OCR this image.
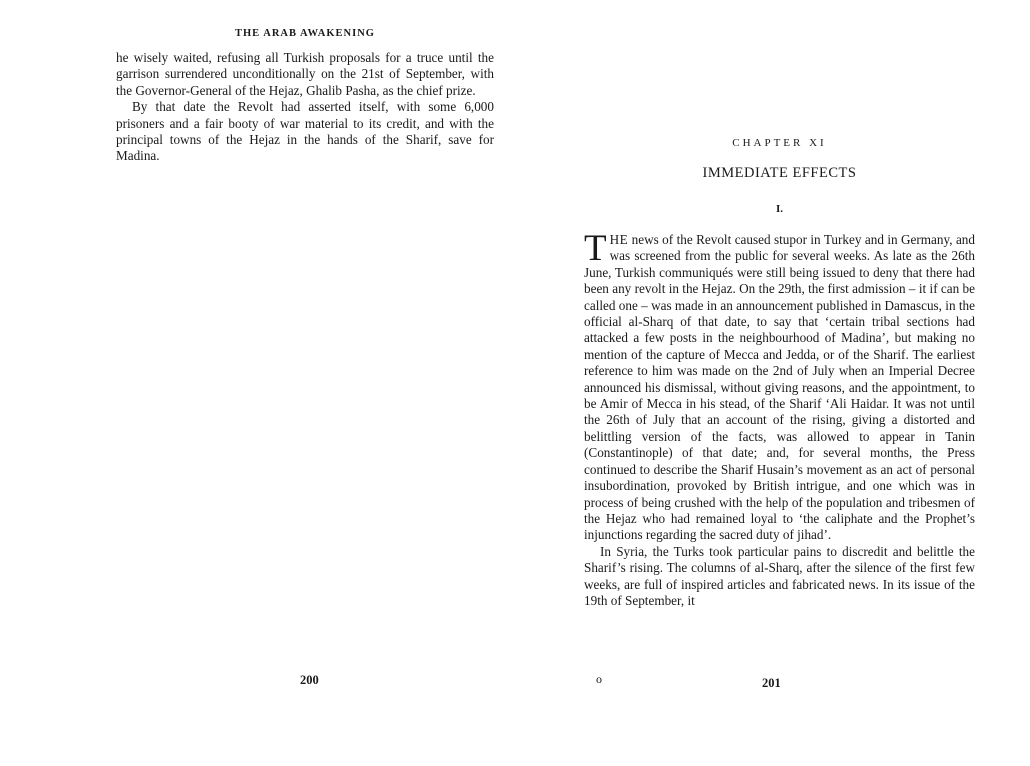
THE ARAB AWAKENING

he wisely waited, refusing all Turkish proposals for a truce until the garrison surrendered unconditionally on the 21st of September, with the Governor-General of the Hejaz, Ghalib Pasha, as the chief prize.

By that date the Revolt had asserted itself, with some 6,000 prisoners and a fair booty of war material to its credit, and with the principal towns of the Hejaz in the hands of the Sharif, save for Madina.

200
CHAPTER XI
IMMEDIATE EFFECTS
I.

THE news of the Revolt caused stupor in Turkey and in Germany, and was screened from the public for several weeks. As late as the 26th June, Turkish communiqués were still being issued to deny that there had been any revolt in the Hejaz. On the 29th, the first admission – it if can be called one – was made in an announcement published in Damascus, in the official al-Sharq of that date, to say that ‘certain tribal sections had attacked a few posts in the neighbourhood of Madina’, but making no mention of the capture of Mecca and Jedda, or of the Sharif. The earliest reference to him was made on the 2nd of July when an Imperial Decree announced his dismissal, without giving reasons, and the appointment, to be Amir of Mecca in his stead, of the Sharif ‘Ali Haidar. It was not until the 26th of July that an account of the rising, giving a distorted and belittling version of the facts, was allowed to appear in Tanin (Constantinople) of that date; and, for several months, the Press continued to describe the Sharif Husain’s movement as an act of personal insubordination, provoked by British intrigue, and one which was in process of being crushed with the help of the population and tribesmen of the Hejaz who had remained loyal to ‘the caliphate and the Prophet’s injunctions regarding the sacred duty of jihad’.

In Syria, the Turks took particular pains to discredit and belittle the Sharif’s rising. The columns of al-Sharq, after the silence of the first few weeks, are full of inspired articles and fabricated news. In its issue of the 19th of September, it

o	201
